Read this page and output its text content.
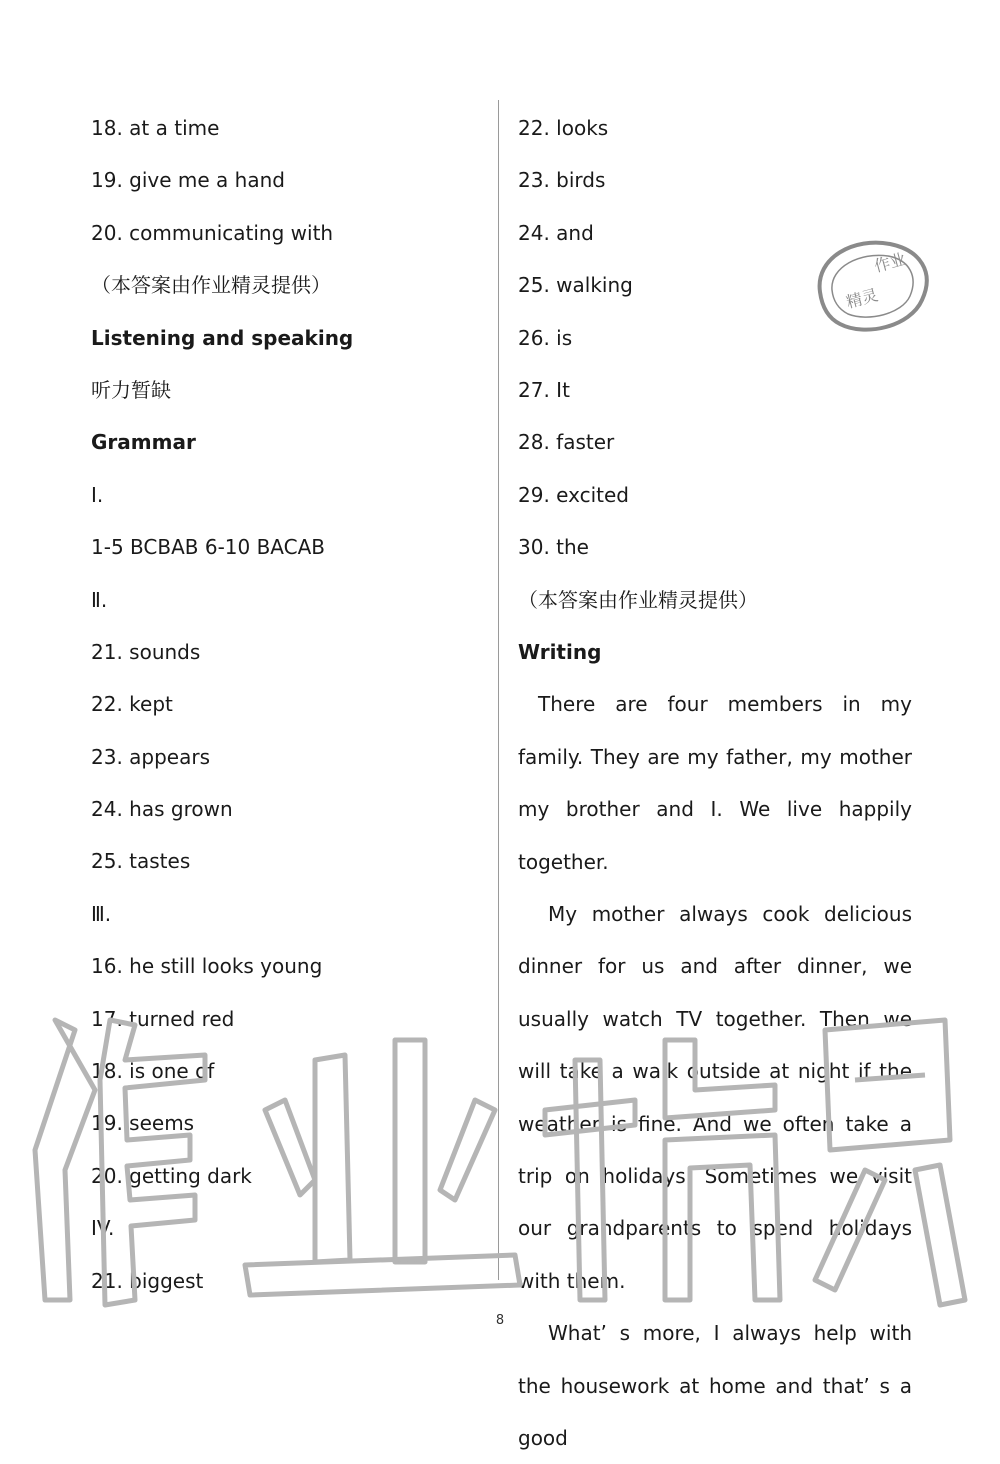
18. at a time
19. give me a hand
20. communicating with
（本答案由作业精灵提供）
Listening and speaking
听力暂缺
Grammar
I.
1-5 BCBAB 6-10 BACAB
Ⅱ.
21. sounds
22. kept
23. appears
24. has grown
25. tastes
Ⅲ.
16. he still looks young
17. turned red
18. is one of
19. seems
20. getting dark
IV.
21. biggest
22. looks
23. birds
24. and
25. walking
26. is
27. It
28. faster
29. excited
30. the
（本答案由作业精灵提供）
Writing

There are four members in my family. They are my father, my mother my brother and I. We live happily together.

My mother always cook delicious dinner for us and after dinner, we usually watch TV together. Then we will take a walk outside at night if the weather is fine. And we often take a trip on holidays. Sometimes we visit our grandparents to spend holidays with them.

What’ s more, I always help with the housework at home and that’ s a good

作业
精灵
8
